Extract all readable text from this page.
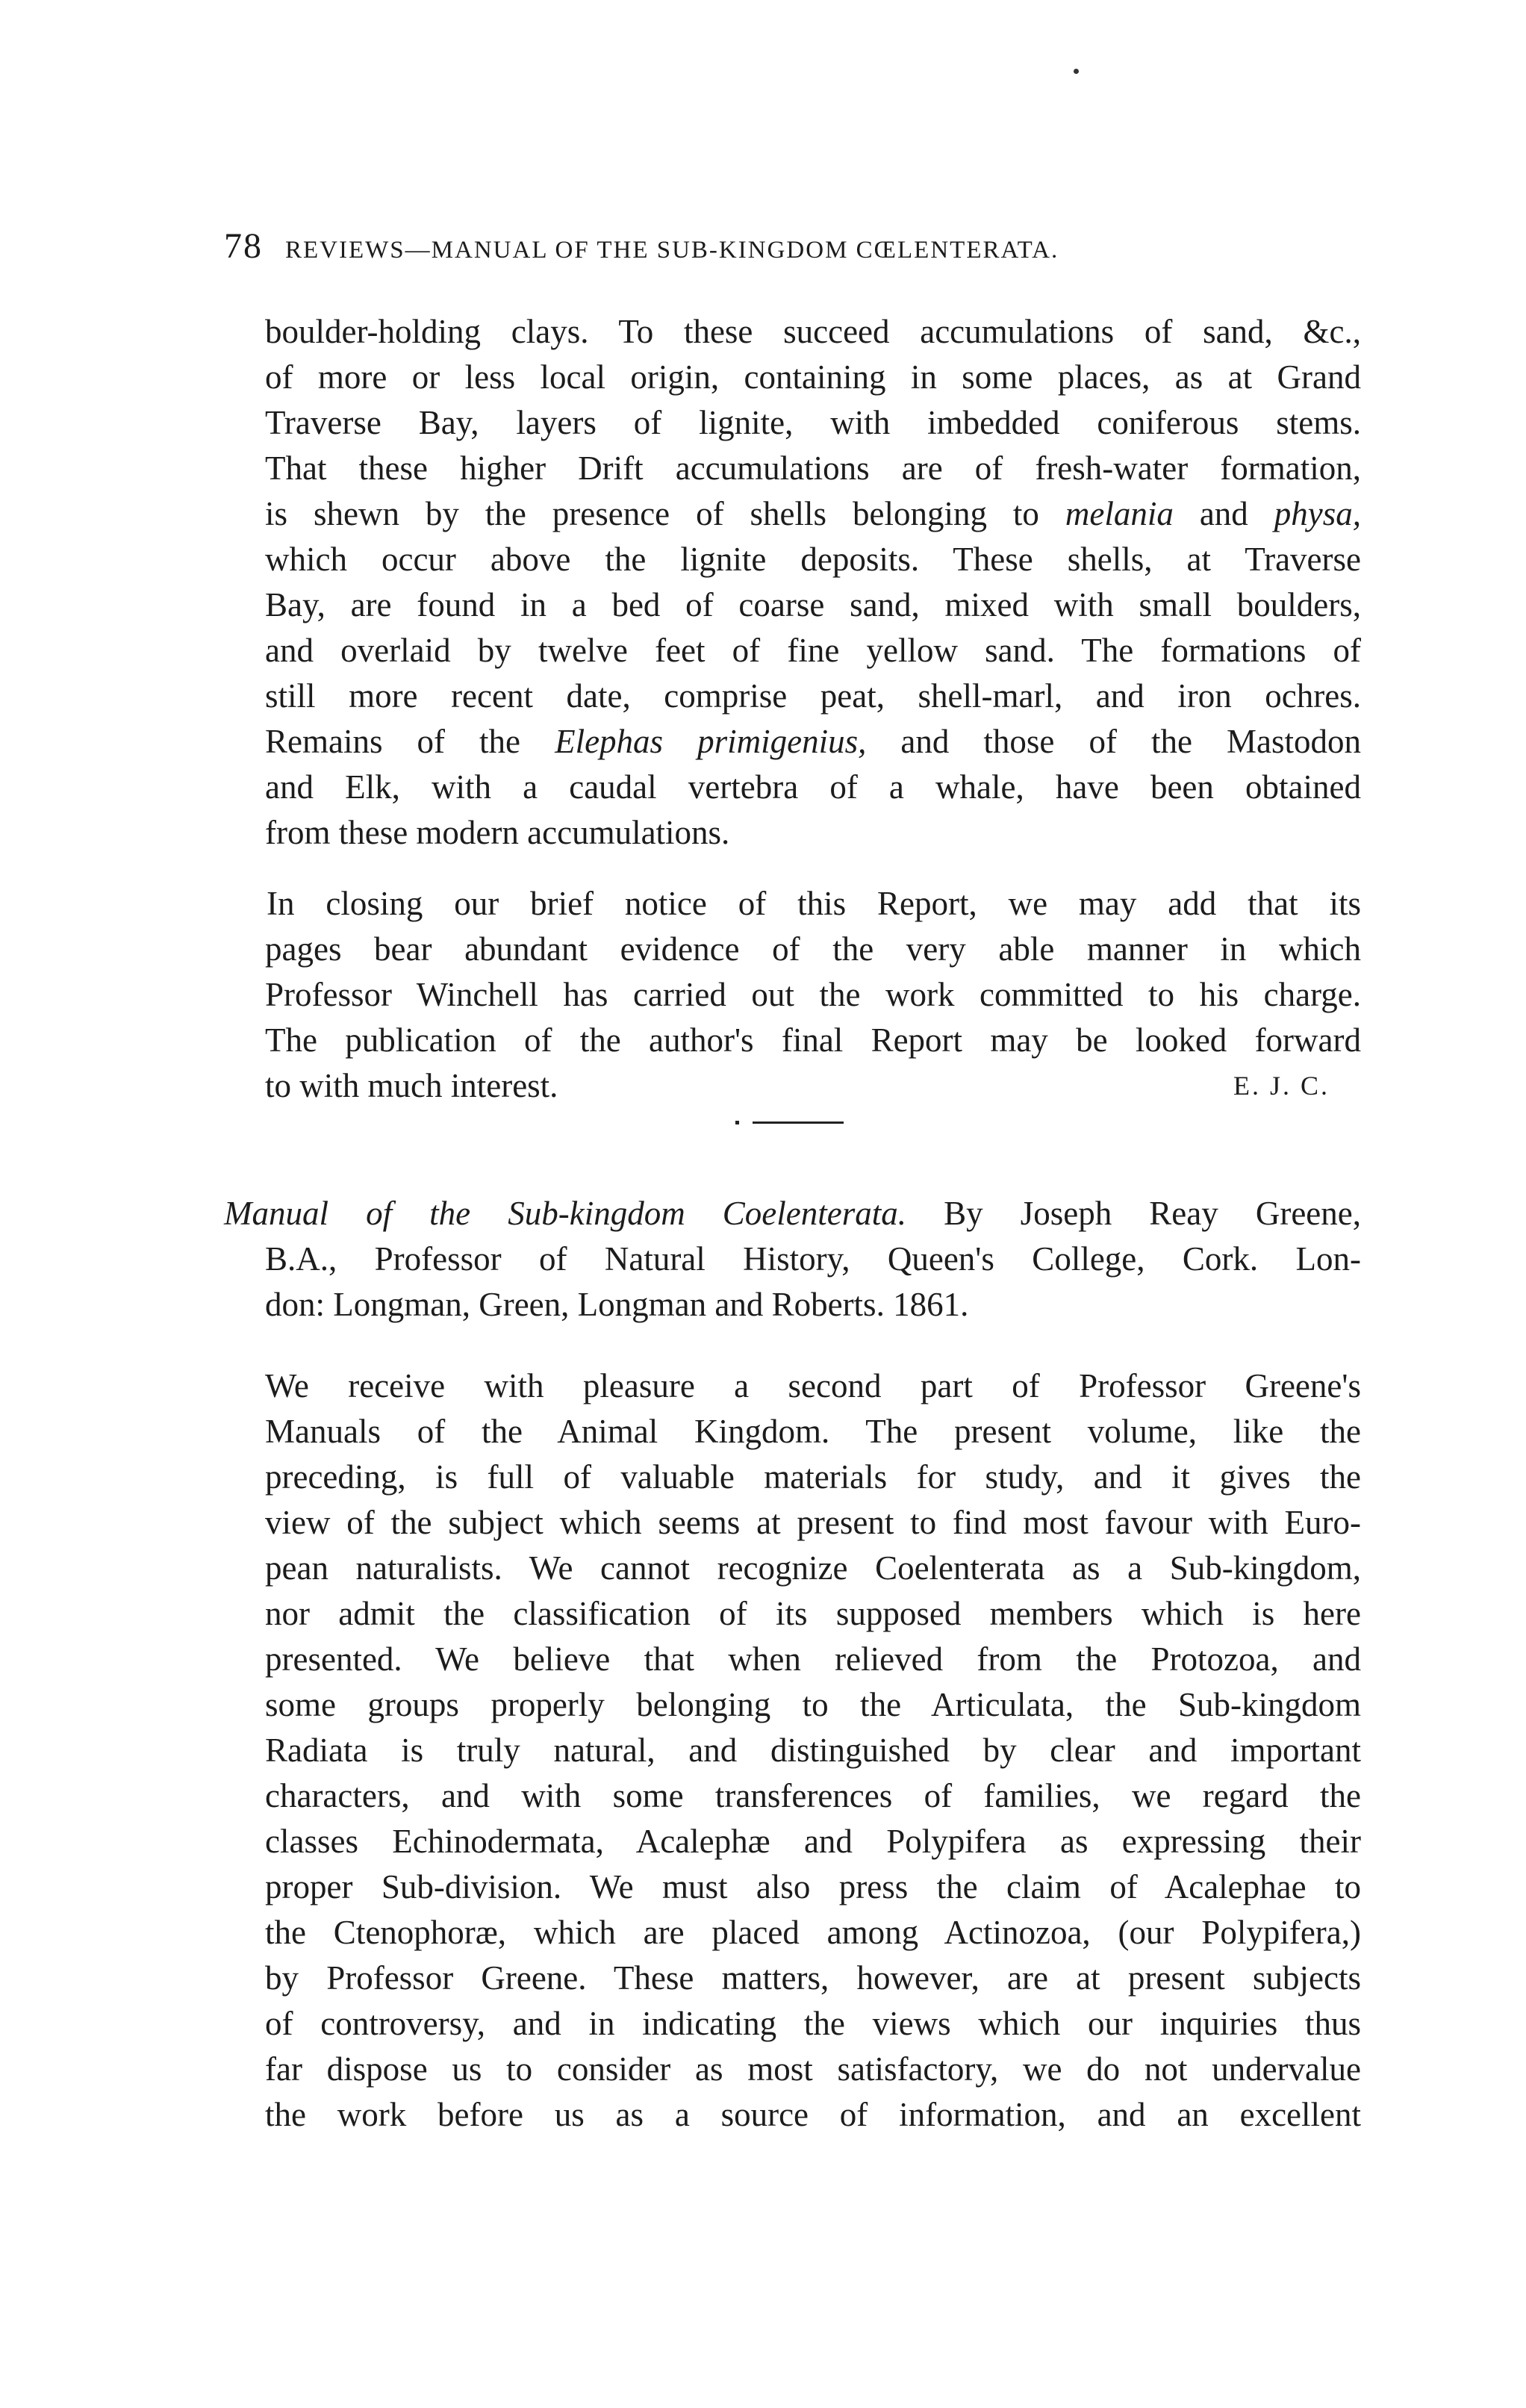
78 REVIEWS—MANUAL OF THE SUB-KINGDOM CŒLENTERATA.
boulder-holding clays. To these succeed accumulations of sand, &c.,
of more or less local origin, containing in some places, as at Grand
Traverse Bay, layers of lignite, with imbedded coniferous stems.
That these higher Drift accumulations are of fresh-water formation,
is shewn by the presence of shells belonging to melania and physa,
which occur above the lignite deposits. These shells, at Traverse
Bay, are found in a bed of coarse sand, mixed with small boulders,
and overlaid by twelve feet of fine yellow sand. The formations of
still more recent date, comprise peat, shell-marl, and iron ochres.
Remains of the Elephas primigenius, and those of the Mastodon
and Elk, with a caudal vertebra of a whale, have been obtained
from these modern accumulations.
In closing our brief notice of this Report, we may add that its
pages bear abundant evidence of the very able manner in which
Professor Winchell has carried out the work committed to his charge.
The publication of the author's final Report may be looked forward
to with much interest.	E. J. C.
Manual of the Sub-kingdom Coelenterata. By Joseph Reay Greene,
B.A., Professor of Natural History, Queen's College, Cork. Lon-
don: Longman, Green, Longman and Roberts. 1861.
We receive with pleasure a second part of Professor Greene's
Manuals of the Animal Kingdom. The present volume, like the
preceding, is full of valuable materials for study, and it gives the
view of the subject which seems at present to find most favour with Euro-
pean naturalists. We cannot recognize Coelenterata as a Sub-kingdom,
nor admit the classification of its supposed members which is here
presented. We believe that when relieved from the Protozoa, and
some groups properly belonging to the Articulata, the Sub-kingdom
Radiata is truly natural, and distinguished by clear and important
characters, and with some transferences of families, we regard the
classes Echinodermata, Acalephæ and Polypifera as expressing their
proper Sub-division. We must also press the claim of Acalephae to
the Ctenophoræ, which are placed among Actinozoa, (our Polypifera,)
by Professor Greene. These matters, however, are at present subjects
of controversy, and in indicating the views which our inquiries thus
far dispose us to consider as most satisfactory, we do not undervalue
the work before us as a source of information, and an excellent
